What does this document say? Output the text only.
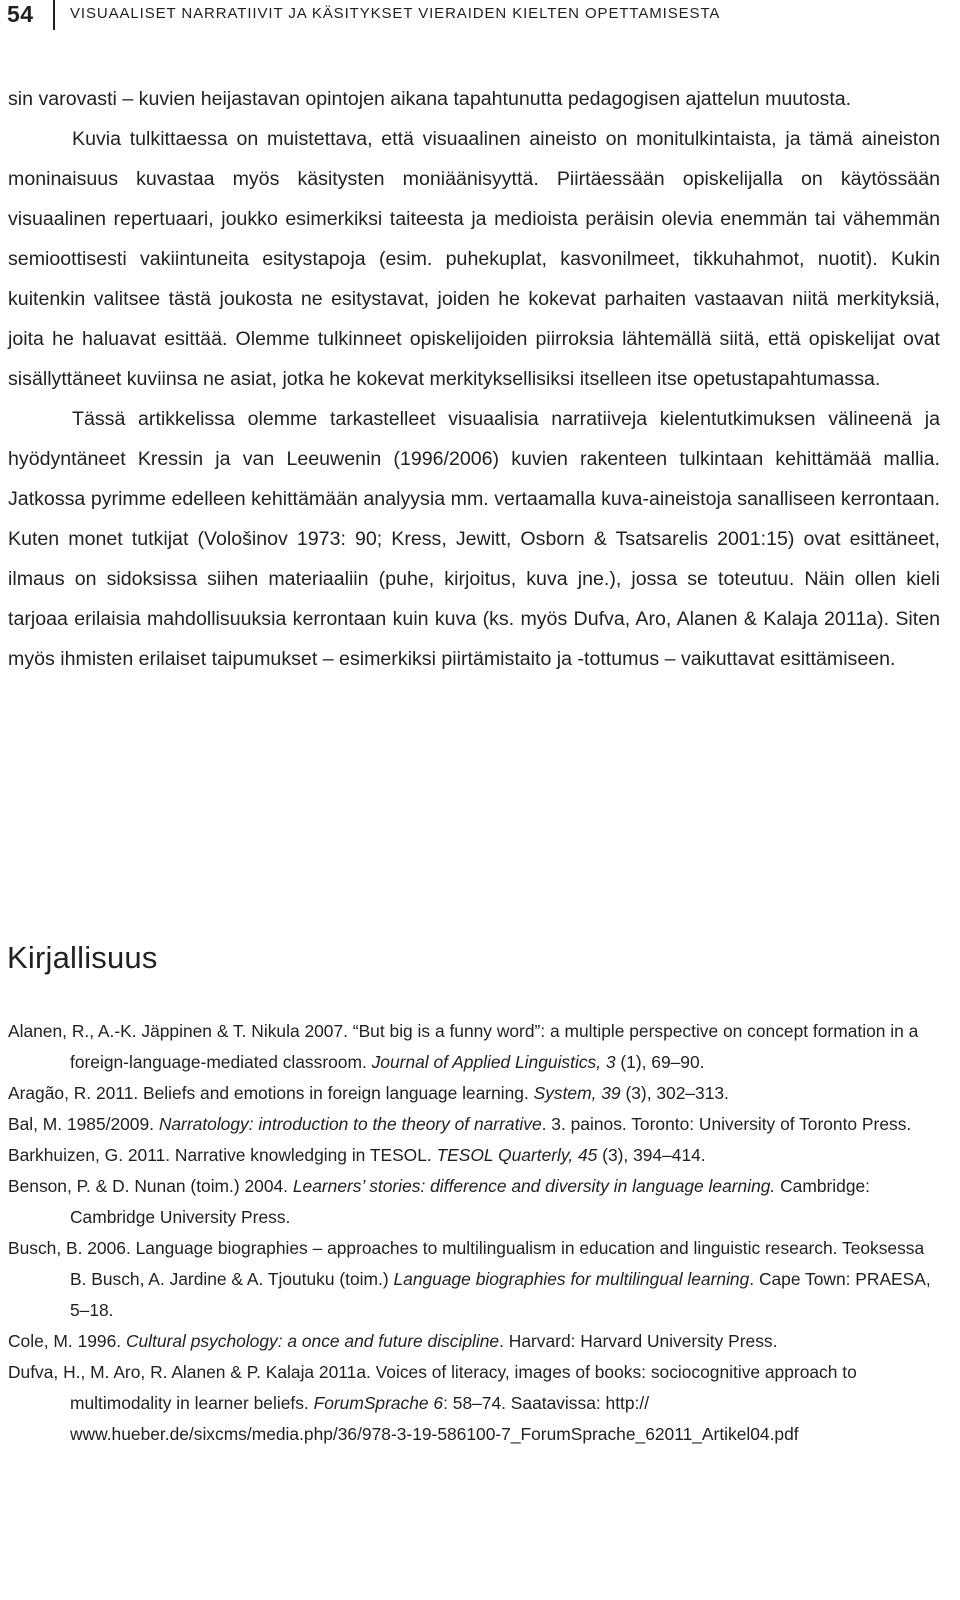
54 VISUAALISET NARRATIIVIT JA KÄSITYKSET VIERAIDEN KIELTEN OPETTAMISESTA

sin varovasti – kuvien heijastavan opintojen aikana tapahtunutta pedagogisen ajattelun muutosta.

Kuvia tulkittaessa on muistettava, että visuaalinen aineisto on monitulkintaista, ja tämä aineiston moninaisuus kuvastaa myös käsitysten moniäänisyyttä. Piirtäessään opiskelijalla on käytössään visuaalinen repertuaari, joukko esimerkiksi taiteesta ja medioista peräisin olevia enemmän tai vähemmän semioottisesti vakiintuneita esitystapoja (esim. puhekuplat, kasvonilmeet, tikkuhahmot, nuotit). Kukin kuitenkin valitsee tästä joukosta ne esitystavat, joiden he kokevat parhaiten vastaavan niitä merkityksiä, joita he haluavat esittää. Olemme tulkinneet opiskelijoiden piirroksia lähtemällä siitä, että opiskelijat ovat sisällyttäneet kuviinsa ne asiat, jotka he kokevat merkityksellisiksi itselleen itse opetustapahtumassa.

Tässä artikkelissa olemme tarkastelleet visuaalisia narratiiveja kielentutkimuksen välineenä ja hyödyntäneet Kressin ja van Leeuwenin (1996/2006) kuvien rakenteen tulkintaan kehittämää mallia. Jatkossa pyrimme edelleen kehittämään analyysia mm. vertaamalla kuva-aineistoja sanalliseen kerrontaan. Kuten monet tutkijat (Vološinov 1973: 90; Kress, Jewitt, Osborn & Tsatsarelis 2001:15) ovat esittäneet, ilmaus on sidoksissa siihen materiaaliin (puhe, kirjoitus, kuva jne.), jossa se toteutuu. Näin ollen kieli tarjoaa erilaisia mahdollisuuksia kerrontaan kuin kuva (ks. myös Dufva, Aro, Alanen & Kalaja 2011a). Siten myös ihmisten erilaiset taipumukset – esimerkiksi piirtämistaito ja -tottumus – vaikuttavat esittämiseen.

Kirjallisuus
Alanen, R., A.-K. Jäppinen & T. Nikula 2007. “But big is a funny word”: a multiple perspective on concept formation in a foreign-language-mediated classroom. Journal of Applied Linguistics, 3 (1), 69–90.
Aragão, R. 2011. Beliefs and emotions in foreign language learning. System, 39 (3), 302–313.
Bal, M. 1985/2009. Narratology: introduction to the theory of narrative. 3. painos. Toronto: University of Toronto Press.
Barkhuizen, G. 2011. Narrative knowledging in TESOL. TESOL Quarterly, 45 (3), 394–414.
Benson, P. & D. Nunan (toim.) 2004. Learners’ stories: difference and diversity in language learning. Cambridge: Cambridge University Press.
Busch, B. 2006. Language biographies – approaches to multilingualism in education and linguistic research. Teoksessa B. Busch, A. Jardine & A. Tjoutuku (toim.) Language biographies for multilingual learning. Cape Town: PRAESA, 5–18.
Cole, M. 1996. Cultural psychology: a once and future discipline. Harvard: Harvard University Press.
Dufva, H., M. Aro, R. Alanen & P. Kalaja 2011a. Voices of literacy, images of books: sociocognitive approach to multimodality in learner beliefs. ForumSprache 6: 58–74. Saatavissa: http://​www.hueber.de/sixcms/media.php/36/978-3-19-586100-7_ForumSprache_62011_​Artikel04.pdf
